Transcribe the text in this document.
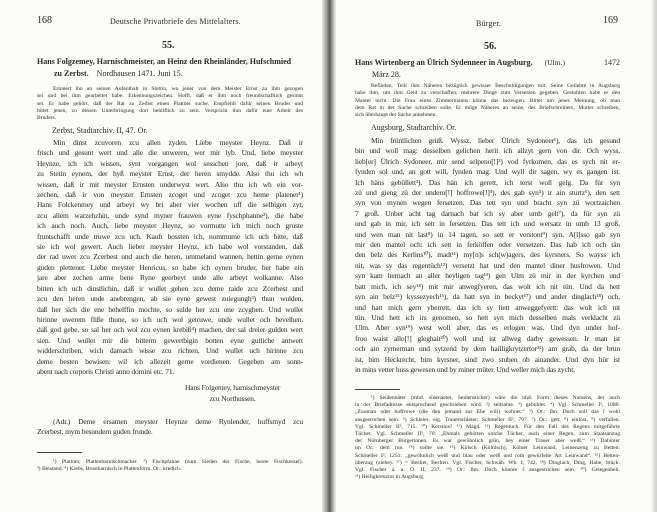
168	Deutsche Privatbriefe des Mittelalters.
55.
Hans Folgzemey, Harnischmeister, an Heinz den Rheinländer, Hufschmied
zu Zerbst. Nordhausen 1471. Juni 15.
Erinnert ihn an seinen Aufenthalt in Stettin, wo jener von dem Meister Ernst zu ihm gezogen
sei und bei ihm gearbeitet habe. Erkennungszeichen. Hofft, daß er ihm noch freundschaftlich gesinnt
sei. Er habe gehört, daß der Rat zu Zerbst einen Plattner suche. Empfiehlt dafür seinen Bruder und
bittet jenen, zu dessen Unterbringung dort behilflich zu sein. Verspricht ihm dafür eine Arbeit des
Bruders.
Zerbst, Stadtarchiv. II, 47. Or.
Min dinst zcuvoren zcu allen zyden. Liebe meyster Heynz. Daß ir
frisch und gesunt wert und alle die unweren, wer mir lyb. Und, liebe meyster
Heynze, ich ich wissen, synt vorgangen wol sesschen jore, daß ir arbeyt
zu Stetin eynem, der hyß meyster Ernst, der heren smydde. Also thu ich wh
wissen, daß ir mit meyster Ernsten underwyst wert. Also thu ich wh ein vor-
zechen, daß ir von meyster Ernsten zcoget und zcoget zcu heme platener¹)
Hans Folckenmey und arbeyt wy bri aber vier wochen uff die selbigen zyt,
zcu allem warzehzhin, unde synd myner frauwen eyne fyschphanne²), die habe
ich auch noch. Auch, liebe meyster Heynz, so vormutte ich mich noch gruste
fruntschafft unde truwe zcu uch. Kauft bossten ich, nommume ich uch bitte, daß
sie ich wol gewert. Auch lieber meyster Heynz, ich habe wol vorstanden, daß
der rad uwer zcu Zcerbest und auch die heren, ummeland wannen, hettin gerne eynen
guden plettener. Liebe meyster Henricus, so habe ich eynen bruder, her habe ein
jare aber zechen arme bene Ryne geerbeyt unde alle arbeyt wolkanne. Also
bitten ich uch dinstlichin, daß ir wullet gehen zcu deme raide zcu Zcerbest und
zcu den heren unde anebrengen, ab sie eyne gewest zuiegungh³) thun wulden,
daß her sich die ene behelffin mochte, so sulde her zcu one zcyghen. Und wullet
hirinne uwerem fliße thune, so ich uch wol getruwe, unde wullet och bevelhen,
daß god gebe, so sal her och wol zcu eynen krebiß⁴) machen, der sal dreier gulden wert
sien. Und wullet mir die bitterm gewertbigin botten eyne gutliche antwert
widderschriben, wich darnach wisse zcu richten. Und wullet uch hirinne zcu
deme besten bewisen: wil ich allezeit gerne vordienen. Gegeben am sonn-
abent nach corporis Christi anno domini etc. 71.
Hans Folgemey, harnischmeyster
zcu Northussen.
(Adr.) Deme ersamen meyster Heynze deme Rynlender, huffsmyd zcu
Zcerbest, mym besundern guden frunde.
¹) Plattner, Plattenharnischmacher. ²) Fischpfanne (zum Sieden der Fische, heute Fischkessel).
³) Beistand. ⁴) Krebs, Brustharnisch in Plattenform. Or.: kredich.
Bürger.	169
56.
Hans Wirtenberg an Ülrich Sydenneer in Augsburg. (Ulm.)	1472
März 28.
Befinden. Teilt ihm Näheres bezüglich gewisser Beschuldigungen mit. Seine Geliebte in Augsburg
habe ihm, um ihm Geld zu verschaffen, mehrere Dinge zum Versetzen gegeben. Gestohlen habe er den
Mantel nicht. Die Frau eines Zimmermanns könne das bezeugen. Bittet um jenes Meinung, ob man
dem Rat in der Sache schreiben solle. Er möge Näheres an seine, des Briefschreibers, Mutter schreiben,
sich überhaupt der Sache annehmen.
Augsburg, Stadtarchiv. Or.
Min früntlichen grüß. Wyssz, lieber Ülrich Sydoneer¹), das ich gesund
bin und woll mag: desselben gelichen herit ich allzyt gern von dir. Och wyss,
lieb[er] Ülrich Sydoneer, mir send selpeno[!]²) vod fyrkomen, das es sych nit er-
fynden sol und, an gott will, fynden mag. Und wyll dir sagen, wy es gangen ist.
Ich häns gebüllett³). Das hän ich gerett, ich terst woll gelg. Da für syn
zü und gieng zü der undero[!] hoffrowe[!]⁴), des gab syn⁵) ir ain sturtz⁶), den sett
syn von mynen wegen fersetzen. Das tett syn und bracht syn zü wortzaichen
7 groß. Unber acht tag darnach bat ich sy aber umb gelt⁷), da für syn zü
und gab in mir, ich sett in fersetzen. Das tett ich und wersatz in umb 13 groß,
und wen man nit last⁸) in 14 tagen, so sett er verstont⁹) syn. A[l]sso gab syn
mir den mantel och: ich sett in ferköffen oder versetzen. Das hab ich och tän
den belz des Kerlins¹⁰), madt¹¹) my[n]s sch(w)agers, des kyrsners. So wayss ich
nit, was sy das regentüch¹²) versetzt hat und den mantel diner husfrowen. Und
syn kam hernach an aller heyligen tag¹³) gen Ulm zü mir in der kyrchen und
batt mich, ich sey¹⁴) mit mir anwegfyeren, das wolt ich nit tün. Und da hett
syn ain belz¹⁵) kyssezyech¹⁶), da hatt syn in beckyt¹⁷) und ander dinglach¹⁸) och,
und hatt mich gern yberrett, das ich sy hett anweggefyertt: das wolt ich nit
tün. Und hett ich irs genomen, so hett syn mich desselben mals verklacht zü
Ulm. Aber syn¹⁹) west woll aber, das es erlogen was. Und dyn under hof-
frou waist allo[!] gleghait²⁰) woll und ist allweg darby gewessen. Ir man ist
och ain zymerman und sytzend by dem hailligkrytzertor²¹) am grab, da der brun
ist, bim Heckrecht, bim kyrsner, sind zwo stuben ob ainander. Und dyn hür ist
in mins vetter huss gewesen und by miner müter. Und weller mich das zycht,
¹) Seidennäter (mhd. sîdenaeter, Seidensticker) wäre die nhd. Form dieses Namens, der auch
in der Briefadresse entsprechend geschrieben wird. ²) seltsame. ³) gebuhlet. ⁴) Vgl. Schmeller I², 1086:
„Zuoman oder hoffrowe (die den jemand zur Ehe will) wohnet.“ ⁵) Or.: ſhn. Doch soll das ſ wohl
ausgestrichen sein. ⁶) Schleier, eig. Trauerschleier; Schmeller II², 797. ⁷) Or.: gett. ⁸) einlöst. ⁹) verfallen.
Vgl. Schmeller II², 715. ¹⁰) Kerstins? ¹¹) Magd. ¹²) Regentuch. Für den Fall des Regens mitgeführte
Tücher. Vgl. Schmeller II², 70: „Ehmals gehörten solche Tücher, auch einer Regen, zum Staatsanzug
der Nürnberger Bürgerinnen. Es war gewöhnlich grün, bey einer Trauer aber weiß.“ ¹³) Dahinter
im Or.: dem (un. ¹⁴) sollte sie. ¹⁵) Kölsch (Kölnisch), Kölner Leinwand, Leinenzeug zu Betten.
Schmeller I², 1251: „gewöhnlich weiß und blau oder weiß und roth gewürfelte Art Leinwand“. ¹⁶) Betten-
überzug (ziehe). ¹⁷) = Becket, Becken. Vgl. Fischer, Schwäb. Wb. I, 742. ¹⁸) Dinglach, Ding, Habe, Stück.
Vgl. Fischer a. a. O. II, 237. ¹⁹) Or.: ſhn. Doch könnte ſ ausgestrichen sein. ²⁰) Gelegenheit.
²¹) Heiligkreuztor in Augsburg.
